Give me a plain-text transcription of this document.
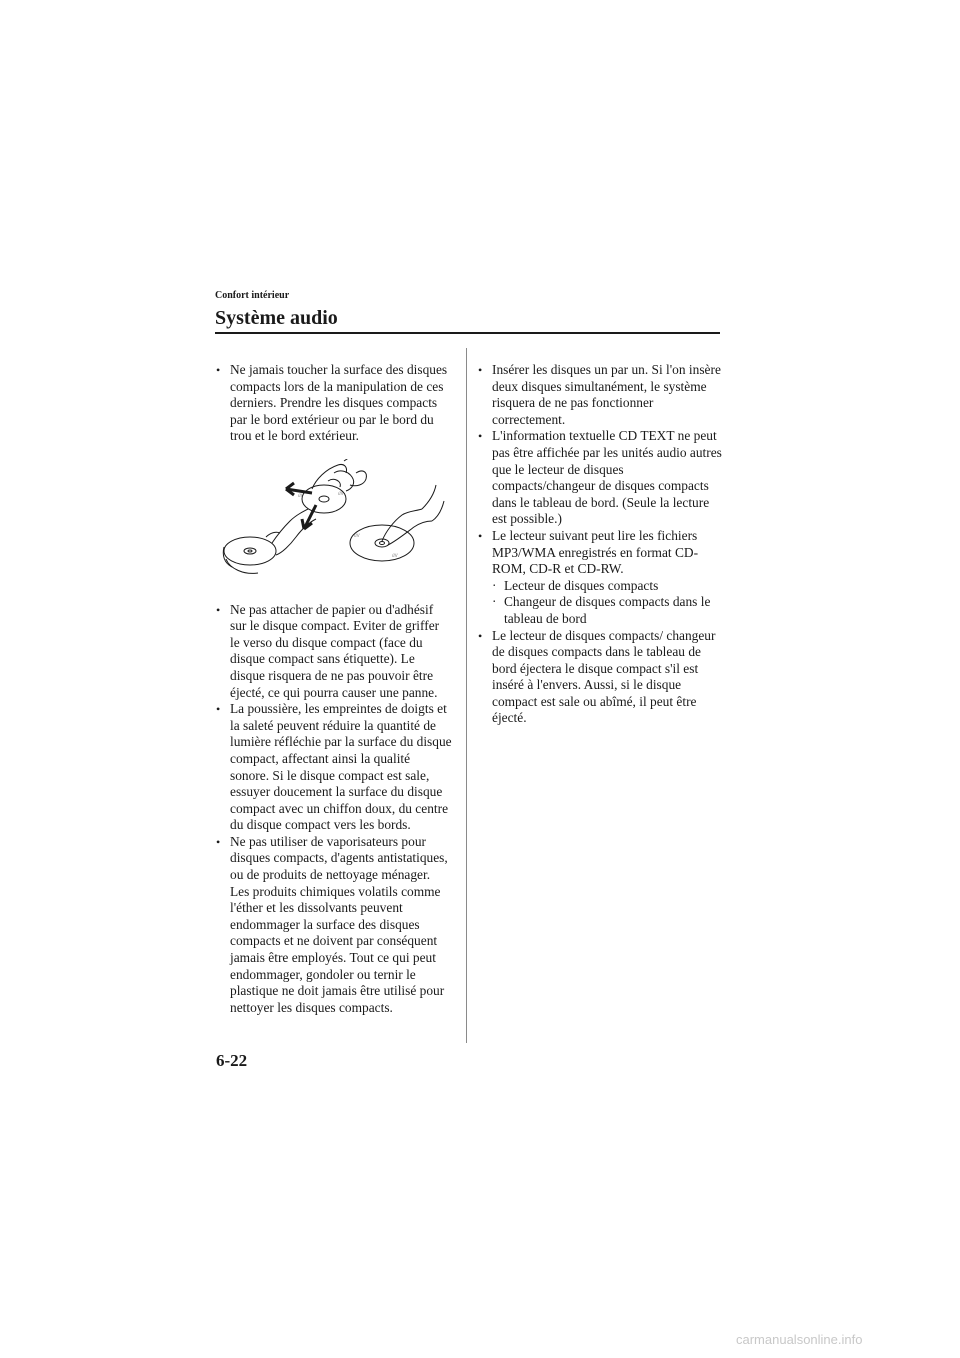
Confort intérieur

Système audio
• Ne jamais toucher la surface des disques compacts lors de la manipulation de ces derniers. Prendre les disques compacts par le bord extérieur ou par le bord du trou et le bord extérieur.
////	////
////
////
• Ne pas attacher de papier ou d'adhésif sur le disque compact. Eviter de griffer le verso du disque compact (face du disque compact sans étiquette). Le disque risquera de ne pas pouvoir être éjecté, ce qui pourra causer une panne.
• La poussière, les empreintes de doigts et la saleté peuvent réduire la quantité de lumière réfléchie par la surface du disque compact, affectant ainsi la qualité sonore. Si le disque compact est sale, essuyer doucement la surface du disque compact avec un chiffon doux, du centre du disque compact vers les bords.
• Ne pas utiliser de vaporisateurs pour disques compacts, d'agents antistatiques, ou de produits de nettoyage ménager. Les produits chimiques volatils comme l'éther et les dissolvants peuvent endommager la surface des disques compacts et ne doivent par conséquent jamais être employés. Tout ce qui peut endommager, gondoler ou ternir le plastique ne doit jamais être utilisé pour nettoyer les disques compacts.
• Insérer les disques un par un. Si l'on insère deux disques simultanément, le système risquera de ne pas fonctionner correctement.
• L'information textuelle CD TEXT ne peut pas être affichée par les unités audio autres que le lecteur de disques compacts/changeur de disques compacts dans le tableau de bord. (Seule la lecture est possible.)
• Le lecteur suivant peut lire les fichiers MP3/WMA enregistrés en format CD-ROM, CD-R et CD-RW.
· Lecteur de disques compacts
· Changeur de disques compacts dans le tableau de bord
• Le lecteur de disques compacts/ changeur de disques compacts dans le tableau de bord éjectera le disque compact s'il est inséré à l'envers. Aussi, si le disque compact est sale ou abîmé, il peut être éjecté.
6-22
carmanualsonline.info
